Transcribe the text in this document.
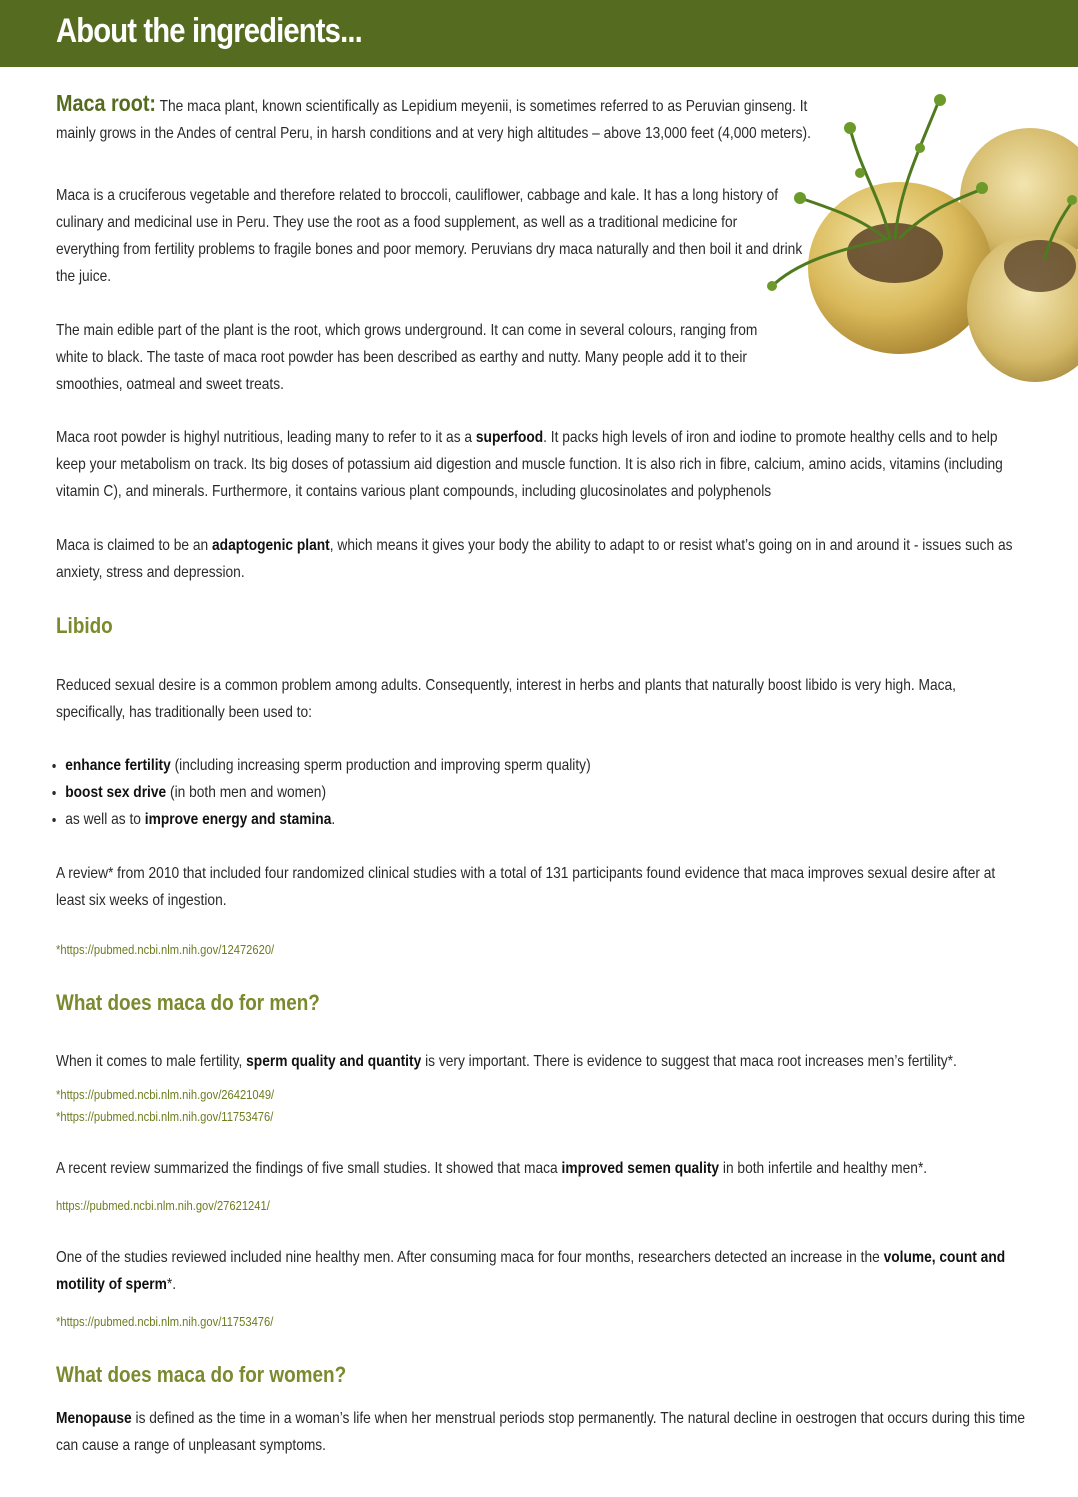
About the ingredients...

Maca root: The maca plant, known scientifically as Lepidium meyenii, is sometimes referred to as Peruvian ginseng. It mainly grows in the Andes of central Peru, in harsh conditions and at very high altitudes – above 13,000 feet (4,000 meters).

Maca is a cruciferous vegetable and therefore related to broccoli, cauliflower, cabbage and kale. It has a long history of culinary and medicinal use in Peru. They use the root as a food supplement, as well as a traditional medicine for everything from fertility problems to fragile bones and poor memory. Peruvians dry maca naturally and then boil it and drink the juice.

The main edible part of the plant is the root, which grows underground. It can come in several colours, ranging from white to black. The taste of maca root powder has been described as earthy and nutty. Many people add it to their smoothies, oatmeal and sweet treats.

Maca root powder is highyl nutritious, leading many to refer to it as a superfood. It packs high levels of iron and iodine to promote healthy cells and to help keep your metabolism on track. Its big doses of potassium aid digestion and muscle function. It is also rich in fibre, calcium, amino acids, vitamins (including vitamin C), and minerals. Furthermore, it contains various plant compounds, including glucosinolates and polyphenols

Maca is claimed to be an adaptogenic plant, which means it gives your body the ability to adapt to or resist what’s going on in and around it - issues such as anxiety, stress and depression.

Libido

Reduced sexual desire is a common problem among adults. Consequently, interest in herbs and plants that naturally boost libido is very high. Maca, specifically, has traditionally been used to:

• enhance fertility (including increasing sperm production and improving sperm quality)
• boost sex drive (in both men and women)
• as well as to improve energy and stamina.

A review* from 2010 that included four randomized clinical studies with a total of 131 participants found evidence that maca improves sexual desire after at least six weeks of ingestion.

*https://pubmed.ncbi.nlm.nih.gov/12472620/
What does maca do for men?

When it comes to male fertility, sperm quality and quantity is very important. There is evidence to suggest that maca root increases men’s fertility*.

*https://pubmed.ncbi.nlm.nih.gov/26421049/
*https://pubmed.ncbi.nlm.nih.gov/11753476/

A recent review summarized the findings of five small studies. It showed that maca improved semen quality in both infertile and healthy men*.

https://pubmed.ncbi.nlm.nih.gov/27621241/

One of the studies reviewed included nine healthy men. After consuming maca for four months, researchers detected an increase in the volume, count and motility of sperm*.

*https://pubmed.ncbi.nlm.nih.gov/11753476/
What does maca do for women?

Menopause is defined as the time in a woman’s life when her menstrual periods stop permanently. The natural decline in oestrogen that occurs during this time can cause a range of unpleasant symptoms.
